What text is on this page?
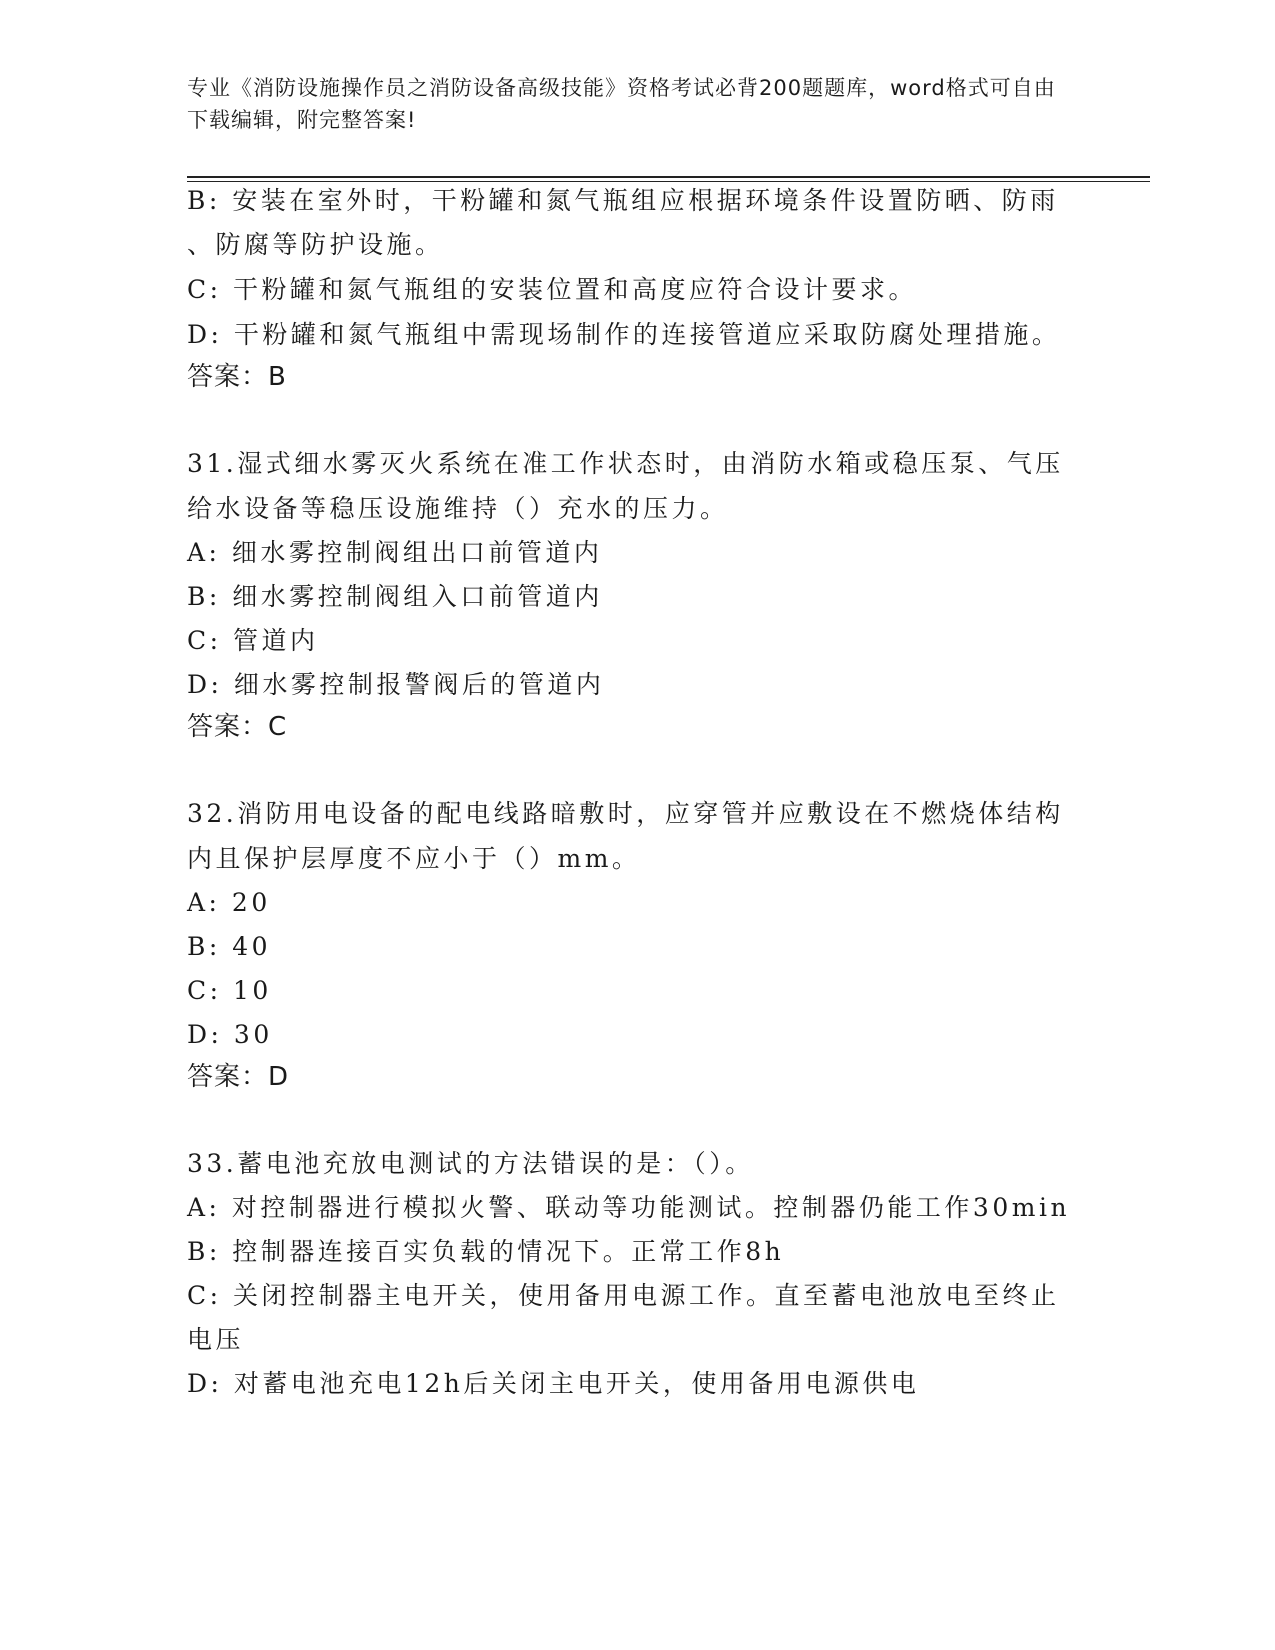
专业《消防设施操作员之消防设备高级技能》资格考试必背200题题库，word格式可自由下载编辑，附完整答案!
B: 安装在室外时，干粉罐和氮气瓶组应根据环境条件设置防晒、防雨
、防腐等防护设施。
C: 干粉罐和氮气瓶组的安装位置和高度应符合设计要求。
D: 干粉罐和氮气瓶组中需现场制作的连接管道应采取防腐处理措施。
答案：B
31.湿式细水雾灭火系统在准工作状态时，由消防水箱或稳压泵、气压
给水设备等稳压设施维持（）充水的压力。
A: 细水雾控制阀组出口前管道内
B: 细水雾控制阀组入口前管道内
C: 管道内
D: 细水雾控制报警阀后的管道内
答案：C
32.消防用电设备的配电线路暗敷时，应穿管并应敷设在不燃烧体结构
内且保护层厚度不应小于（）mm。
A: 20
B: 40
C: 10
D: 30
答案：D
33.蓄电池充放电测试的方法错误的是：（）。
A: 对控制器进行模拟火警、联动等功能测试。控制器仍能工作30min
B: 控制器连接百实负载的情况下。正常工作8h
C: 关闭控制器主电开关，使用备用电源工作。直至蓄电池放电至终止
电压
D: 对蓄电池充电12h后关闭主电开关，使用备用电源供电
